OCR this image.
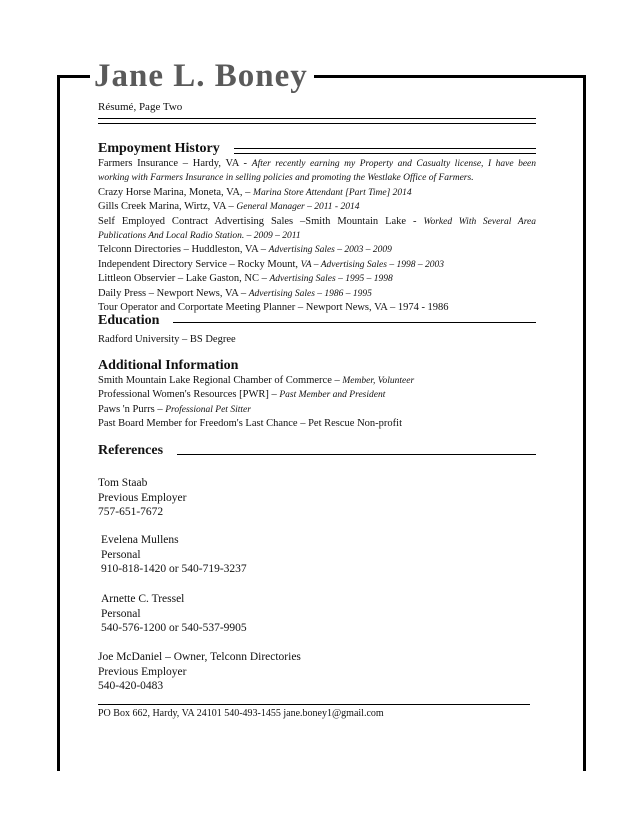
Jane L. Boney
Résumé, Page Two
Empoyment History
Farmers Insurance – Hardy, VA - After recently earning my Property and Casualty license, I have been
working with Farmers Insurance in selling policies and promoting the Westlake Office of Farmers.
Crazy Horse Marina, Moneta, VA, – Marina Store Attendant [Part Time] 2014
Gills Creek Marina, Wirtz, VA – General Manager – 2011 - 2014
Self Employed Contract Advertising Sales –Smith Mountain Lake - Worked With Several Area
Publications And Local Radio Station. – 2009 – 2011
Telconn Directories – Huddleston, VA – Advertising Sales – 2003 – 2009
Independent Directory Service – Rocky Mount, VA – Advertising Sales – 1998 – 2003
Littleon Observier – Lake Gaston, NC – Advertising Sales – 1995 – 1998
Daily Press – Newport News, VA – Advertising Sales – 1986 – 1995
Tour Operator and Corportate Meeting Planner – Newport News, VA – 1974 - 1986
Education
Radford University – BS Degree
Additional Information
Smith Mountain Lake Regional Chamber of Commerce – Member, Volunteer
Professional Women's Resources [PWR] – Past Member and President
Paws 'n Purrs – Professional Pet Sitter
Past Board Member for Freedom's Last Chance – Pet Rescue Non-profit
References
Tom Staab
Previous Employer
757-651-7672
Evelena Mullens
Personal
910-818-1420 or 540-719-3237
Arnette C. Tressel
Personal
540-576-1200 or 540-537-9905
Joe McDaniel – Owner, Telconn Directories
Previous Employer
540-420-0483
PO Box 662, Hardy, VA 24101 540-493-1455 jane.boney1@gmail.com
